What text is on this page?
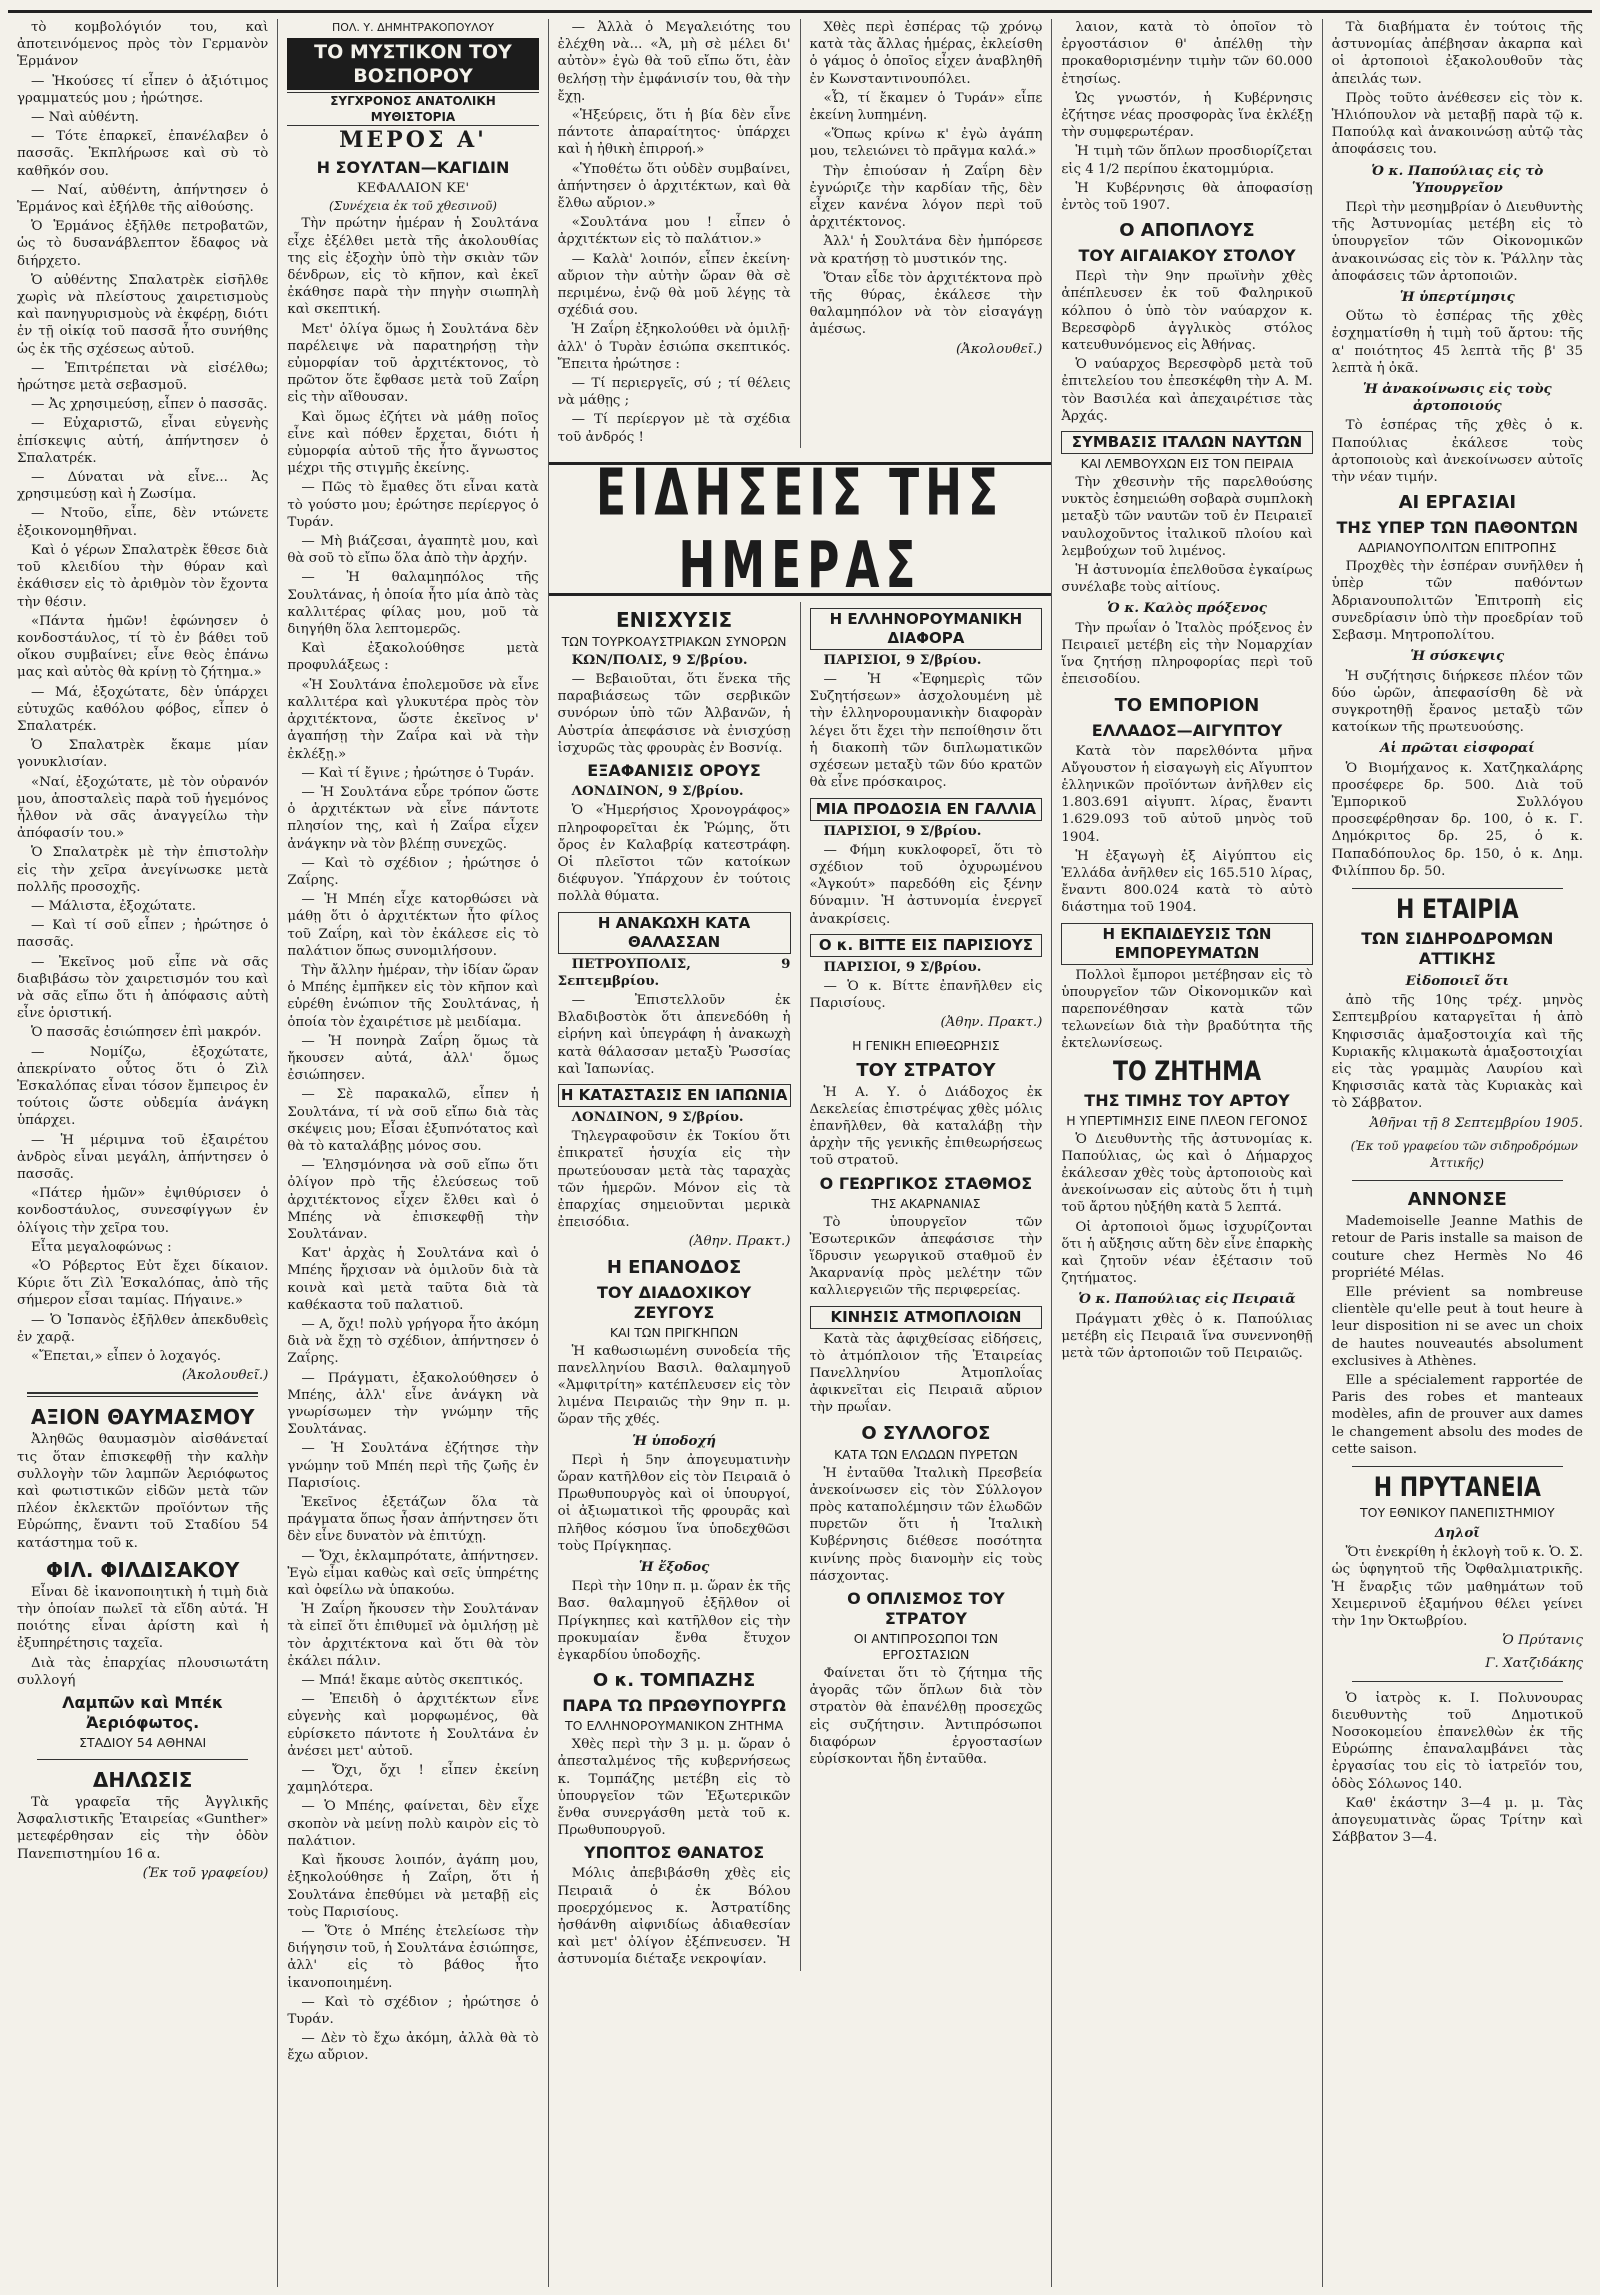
τὸ κομβολόγιόν του, καὶ ἀποτεινόμενος πρὸς τὸν Γερμανὸν Ἑρμάνον

— Ἠκούσες τί εἶπεν ὁ ἀξιότιμος γραμματεύς μου ; ἠρώτησε.

— Ναὶ αὐθέντη.

— Τότε ἐπαρκεῖ, ἐπανέλαβεν ὁ πασσᾶς. Ἐκπλήρωσε καὶ σὺ τὸ καθῆκόν σου.

— Ναί, αὐθέντη, ἀπήντησεν ὁ Ἑρμάνος καὶ ἐξήλθε τῆς αἰθούσης.

Ὁ Ἑρμάνος ἐξῆλθε πετροβατῶν, ὡς τὸ δυσανάβλεπτον ἔδαφος νὰ διήρχετο.

Ὁ αὐθέντης Σπαλατρὲκ εἰσῆλθε χωρὶς νὰ πλείστους χαιρετισμοὺς καὶ πανηγυρισμοὺς νὰ ἐκφέρῃ, διότι ἐν τῇ οἰκίᾳ τοῦ πασσᾶ ἦτο συνήθης ὡς ἐκ τῆς σχέσεως αὐτοῦ.

— Ἐπιτρέπεται νὰ εἰσέλθω; ἠρώτησε μετὰ σεβασμοῦ.

— Ἀς χρησιμεύσῃ, εἶπεν ὁ πασσᾶς.

— Εὐχαριστῶ, εἶναι εὐγενὴς ἐπίσκεψις αὐτή, ἀπήντησεν ὁ Σπαλατρέκ.

— Δύναται νὰ εἶνε... Ἀς χρησιμεύσῃ καὶ ἡ Ζωσίμα.

— Ντοῦο, εἶπε, δὲν ντώνετε ἐξοικονομηθῆναι.

Καὶ ὁ γέρων Σπαλατρὲκ ἔθεσε διὰ τοῦ κλειδίου τὴν θύραν καὶ ἐκάθισεν εἰς τὸ ἀριθμὸν τὸν ἔχοντα τὴν θέσιν.

«Πάντα ἡμῶν! ἐφώνησεν ὁ κονδοστάυλος, τί τὸ ἐν βάθει τοῦ οἴκου συμβαίνει; εἶνε θεὸς ἐπάνω μας καὶ αὐτὸς θὰ κρίνῃ τὸ ζήτημα.»

— Μά, ἐξοχώτατε, δὲν ὑπάρχει εὐτυχῶς καθόλου φόβος, εἶπεν ὁ Σπαλατρέκ.

Ὁ Σπαλατρὲκ ἔκαμε μίαν γονυκλισίαν.

«Ναί, ἐξοχώτατε, μὲ τὸν οὐρανόν μου, ἀποσταλεὶς παρὰ τοῦ ἡγεμόνος ἦλθον νὰ σᾶς ἀναγγείλω τὴν ἀπόφασίν του.»

Ὁ Σπαλατρὲκ μὲ τὴν ἐπιστολὴν εἰς τὴν χεῖρα ἀνεγίνωσκε μετὰ πολλῆς προσοχῆς.

— Μάλιστα, ἐξοχώτατε.

— Καὶ τί σοῦ εἶπεν ; ἠρώτησε ὁ πασσᾶς.

— Ἐκεῖνος μοῦ εἶπε νὰ σᾶς διαβιβάσω τὸν χαιρετισμόν του καὶ νὰ σᾶς εἴπω ὅτι ἡ ἀπόφασις αὐτὴ εἶνε ὁριστική.

Ὁ πασσᾶς ἐσιώπησεν ἐπὶ μακρόν.

— Νομίζω, ἐξοχώτατε, ἀπεκρίνατο οὗτος ὅτι ὁ Ζὶλ Ἐσκαλόπας εἶναι τόσον ἔμπειρος ἐν τούτοις ὥστε οὐδεμία ἀνάγκη ὑπάρχει.

— Ἡ μέριμνα τοῦ ἐξαιρέτου ἀνδρὸς εἶναι μεγάλη, ἀπήντησεν ὁ πασσᾶς.

«Πάτερ ἡμῶν» ἐψιθύρισεν ὁ κονδοστάυλος, συνεσφίγγων ἐν ὀλίγοις τὴν χεῖρα του.

Εἶτα μεγαλοφώνως :

«Ὁ Ρόβερτος Εὐτ ἔχει δίκαιον. Κύριε ὅτι Ζὶλ Ἐσκαλόπας, ἀπὸ τῆς σήμερον εἶσαι ταμίας. Πήγαινε.»

— Ὁ Ἰσπανὸς ἐξῆλθεν ἀπεκδυθεὶς ἐν χαρᾷ.

«Ἔπεται,» εἶπεν ὁ λοχαγός.

(Ἀκολουθεῖ.)

ΑΞΙΟΝ ΘΑΥΜΑΣΜΟΥ

Ἀληθῶς θαυμασμὸν αἰσθάνεταί τις ὅταν ἐπισκεφθῇ τὴν καλὴν συλλογὴν τῶν λαμπῶν Ἀεριόφωτος καὶ φωτιστικῶν εἰδῶν μετὰ τῶν πλέον ἐκλεκτῶν προϊόντων τῆς Εὐρώπης, ἔναντι τοῦ Σταδίου 54 κατάστημα τοῦ κ.

ΦΙΛ. ΦΙΛΔΙΣΑΚΟΥ

Εἶναι δὲ ἱκανοποιητικὴ ἡ τιμὴ διὰ τὴν ὁποίαν πωλεῖ τὰ εἴδη αὐτά. Ἡ ποιότης εἶναι ἀρίστη καὶ ἡ ἐξυπηρέτησις ταχεῖα.

Διὰ τὰς ἐπαρχίας πλουσιωτάτη συλλογή

Λαμπῶν καὶ Μπέκ Ἀεριόφωτος.
ΣΤΑΔΙΟΥ 54 ΑΘΗΝΑΙ
ΔΗΛΩΣΙΣ

Τὰ γραφεῖα τῆς Ἀγγλικῆς Ἀσφαλιστικῆς Ἑταιρείας «Gunther» μετεφέρθησαν εἰς τὴν ὁδὸν Πανεπιστημίου 16 α.

(Ἐκ τοῦ γραφείου)

ΠΟΛ. Υ. ΔΗΜΗΤΡΑΚΟΠΟΥΛΟΥ
ΤΟ ΜΥΣΤΙΚΟΝ ΤΟΥ ΒΟΣΠΟΡΟΥ
ΣΥΓΧΡΟΝΟΣ ΑΝΑΤΟΛΙΚΗ ΜΥΘΙΣΤΟΡΙΑ
ΜΕΡΟΣ Α'
Η ΣΟΥΛΤΑΝ—ΚΑΓΙΔΙΝ
ΚΕΦΑΛΑΙΟΝ ΚΕ'
(Συνέχεια ἐκ τοῦ χθεσινοῦ)

Τὴν πρώτην ἡμέραν ἡ Σουλτάνα εἶχε ἐξέλθει μετὰ τῆς ἀκολουθίας της εἰς ἐξοχὴν ὑπὸ τὴν σκιὰν τῶν δένδρων, εἰς τὸ κῆπον, καὶ ἐκεῖ ἐκάθησε παρὰ τὴν πηγὴν σιωπηλὴ καὶ σκεπτική.

Μετ' ὀλίγα ὅμως ἡ Σουλτάνα δὲν παρέλειψε νὰ παρατηρήσῃ τὴν εὐμορφίαν τοῦ ἀρχιτέκτονος, τὸ πρῶτον ὅτε ἔφθασε μετὰ τοῦ Ζαΐρη εἰς τὴν αἴθουσαν.

Καὶ ὅμως ἐζήτει νὰ μάθῃ ποῖος εἶνε καὶ πόθεν ἔρχεται, διότι ἡ εὐμορφία αὐτοῦ τῆς ἦτο ἄγνωστος μέχρι τῆς στιγμῆς ἐκείνης.

— Πῶς τὸ ἔμαθες ὅτι εἶναι κατὰ τὸ γούστο μου; ἐρώτησε περίεργος ὁ Τυράν.

— Μὴ βιάζεσαι, ἀγαπητὲ μου, καὶ θὰ σοῦ τὸ εἴπω ὅλα ἀπὸ τὴν ἀρχήν.

— Ἡ θαλαμηπόλος τῆς Σουλτάνας, ἡ ὁποία ἦτο μία ἀπὸ τὰς καλλιτέρας φίλας μου, μοῦ τὰ διηγήθη ὅλα λεπτομερῶς.

Καὶ ἐξακολούθησε μετὰ προφυλάξεως :

«Ἡ Σουλτάνα ἐπολεμοῦσε νὰ εἶνε καλλιτέρα καὶ γλυκυτέρα πρὸς τὸν ἀρχιτέκτονα, ὥστε ἐκεῖνος ν' ἀγαπήσῃ τὴν Ζαΐρα καὶ νὰ τὴν ἐκλέξῃ.»

— Καὶ τί ἔγινε ; ἠρώτησε ὁ Τυράν.

— Ἡ Σουλτάνα εὗρε τρόπον ὥστε ὁ ἀρχιτέκτων νὰ εἶνε πάντοτε πλησίον της, καὶ ἡ Ζαΐρα εἶχεν ἀνάγκην νὰ τὸν βλέπῃ συνεχῶς.

— Καὶ τὸ σχέδιον ; ἠρώτησε ὁ Ζαΐρης.

— Ἡ Μπέη εἶχε κατορθώσει νὰ μάθῃ ὅτι ὁ ἀρχιτέκτων ἦτο φίλος τοῦ Ζαΐρη, καὶ τὸν ἐκάλεσε εἰς τὸ παλάτιον ὅπως συνομιλήσουν.

Τὴν ἄλλην ἡμέραν, τὴν ἰδίαν ὥραν ὁ Μπέης ἐμπῆκεν εἰς τὸν κῆπον καὶ εὑρέθη ἐνώπιον τῆς Σουλτάνας, ἡ ὁποία τὸν ἐχαιρέτισε μὲ μειδίαμα.

— Ἡ πονηρὰ Ζαΐρη ὅμως τὰ ἤκουσεν αὐτά, ἀλλ' ὅμως ἐσιώπησεν.

— Σὲ παρακαλῶ, εἶπεν ἡ Σουλτάνα, τί νὰ σοῦ εἴπω διὰ τὰς σκέψεις μου; Εἶσαι ἐξυπνότατος καὶ θὰ τὸ καταλάβῃς μόνος σου.

— Ἐλησμόνησα νὰ σοῦ εἴπω ὅτι ὀλίγον πρὸ τῆς ἐλεύσεως τοῦ ἀρχιτέκτονος εἶχεν ἔλθει καὶ ὁ Μπέης νὰ ἐπισκεφθῇ τὴν Σουλτάναν.

Κατ' ἀρχὰς ἡ Σουλτάνα καὶ ὁ Μπέης ἤρχισαν νὰ ὁμιλοῦν διὰ τὰ κοινὰ καὶ μετὰ ταῦτα διὰ τὰ καθέκαστα τοῦ παλατιοῦ.

— Α, ὄχι! πολὺ γρήγορα ἦτο ἀκόμη διὰ νὰ ἔχῃ τὸ σχέδιον, ἀπήντησεν ὁ Ζαΐρης.

— Πράγματι, ἐξακολούθησεν ὁ Μπέης, ἀλλ' εἶνε ἀνάγκη νὰ γνωρίσωμεν τὴν γνώμην τῆς Σουλτάνας.

— Ἡ Σουλτάνα ἐζήτησε τὴν γνώμην τοῦ Μπέη περὶ τῆς ζωῆς ἐν Παρισίοις.

Ἐκεῖνος ἐξετάζων ὅλα τὰ πράγματα ὅπως ἦσαν ἀπήντησεν ὅτι δὲν εἶνε δυνατὸν νὰ ἐπιτύχῃ.

— Ὄχι, ἐκλαμπρότατε, ἀπήντησεν. Ἐγὼ εἶμαι καθὼς καὶ σεῖς ὑπηρέτης καὶ ὀφείλω νὰ ὑπακούω.

Ἡ Ζαΐρη ἤκουσεν τὴν Σουλτάναν τὰ εἰπεῖ ὅτι ἐπιθυμεῖ νὰ ὁμιλήσῃ μὲ τὸν ἀρχιτέκτονα καὶ ὅτι θὰ τὸν ἐκάλει πάλιν.

— Μπά! ἔκαμε αὐτὸς σκεπτικός.

— Ἐπειδὴ ὁ ἀρχιτέκτων εἶνε εὐγενὴς καὶ μορφωμένος, θὰ εὑρίσκετο πάντοτε ἡ Σουλτάνα ἐν ἀνέσει μετ' αὐτοῦ.

— Ὄχι, ὄχι ! εἶπεν ἐκείνη χαμηλότερα.

— Ὁ Μπέης, φαίνεται, δὲν εἶχε σκοπὸν νὰ μείνῃ πολὺ καιρὸν εἰς τὸ παλάτιον.

Καὶ ἤκουσε λοιπόν, ἀγάπη μου, ἐξηκολούθησε ἡ Ζαΐρη, ὅτι ἡ Σουλτάνα ἐπεθύμει νὰ μεταβῇ εἰς τοὺς Παρισίους.

— Ὅτε ὁ Μπέης ἐτελείωσε τὴν διήγησιν τοῦ, ἡ Σουλτάνα ἐσιώπησε, ἀλλ' εἰς τὸ βάθος ἦτο ἱκανοποιημένη.

— Καὶ τὸ σχέδιον ; ἠρώτησε ὁ Τυράν.

— Δὲν τὸ ἔχω ἀκόμη, ἀλλὰ θὰ τὸ ἔχω αὔριον.

— Ἀλλὰ ὁ Μεγαλειότης του ἐλέχθη νὰ... «Ἀ, μὴ σὲ μέλει δι' αὐτὸν» ἐγὼ θὰ τοῦ εἴπω ὅτι, ἐὰν θελήσῃ τὴν ἐμφάνισίν του, θὰ τὴν ἔχῃ.

«Ἡξεύρεις, ὅτι ἡ βία δὲν εἶνε πάντοτε ἀπαραίτητος· ὑπάρχει καὶ ἡ ἠθικὴ ἐπιρροή.»

«Ὑποθέτω ὅτι οὐδὲν συμβαίνει, ἀπήντησεν ὁ ἀρχιτέκτων, καὶ θὰ ἔλθω αὔριον.»

«Σουλτάνα μου ! εἶπεν ὁ ἀρχιτέκτων εἰς τὸ παλάτιον.»

— Καλὰ' λοιπόν, εἶπεν ἐκείνη· αὔριον τὴν αὐτὴν ὥραν θὰ σὲ περιμένω, ἐνῷ θὰ μοῦ λέγῃς τὰ σχέδιά σου.

Ἡ Ζαΐρη ἐξηκολούθει νὰ ὁμιλῇ· ἀλλ' ὁ Τυρὰν ἐσιώπα σκεπτικός. Ἔπειτα ἠρώτησε :

— Τί περιεργεῖς, σύ ; τί θέλεις νὰ μάθῃς ;

— Τί περίεργον μὲ τὰ σχέδια τοῦ ἀνδρός !

Χθὲς περὶ ἐσπέρας τῷ χρόνῳ κατὰ τὰς ἄλλας ἡμέρας, ἐκλείσθη ὁ γάμος ὁ ὁποῖος εἶχεν ἀναβληθῆ ἐν Κωνσταντινουπόλει.

«Ὦ, τί ἔκαμεν ὁ Τυράν» εἶπε ἐκείνη λυπημένη.

«Ὅπως κρίνω κ' ἐγὼ ἀγάπη μου, τελειώνει τὸ πρᾶγμα καλά.»

Τὴν ἐπιούσαν ἡ Ζαΐρη δὲν ἐγνώριζε τὴν καρδίαν τῆς, δὲν εἶχεν κανένα λόγον περὶ τοῦ ἀρχιτέκτονος.

Ἀλλ' ἡ Σουλτάνα δὲν ἠμπόρεσε νὰ κρατήσῃ τὸ μυστικόν της.

Ὅταν εἶδε τὸν ἀρχιτέκτονα πρὸ τῆς θύρας, ἐκάλεσε τὴν θαλαμηπόλον νὰ τὸν εἰσαγάγῃ ἀμέσως.

(Ἀκολουθεῖ.)

ΕΙΔΗΣΕΙΣ ΤΗΣ ΗΜΕΡΑΣ
ΕΝΙΣΧΥΣΙΣ
ΤΩΝ ΤΟΥΡΚΟΑΥΣΤΡΙΑΚΩΝ ΣΥΝΟΡΩΝ

ΚΩΝ/ΠΟΛΙΣ, 9 Σ/βρίου.

— Βεβαιοῦται, ὅτι ἕνεκα τῆς παραβιάσεως τῶν σερβικῶν συνόρων ὑπὸ τῶν Ἀλβανῶν, ἡ Αὐστρία ἀπεφάσισε νὰ ἐνισχύσῃ ἰσχυρῶς τὰς φρουρὰς ἐν Βοσνίᾳ.

ΕΞΑΦΑΝΙΣΙΣ ΟΡΟΥΣ

ΛΟΝΔΙΝΟΝ, 9 Σ/βρίου.

Ὁ «Ἡμερήσιος Χρονογράφος» πληροφορεῖται ἐκ Ῥώμης, ὅτι ὄρος ἐν Καλαβρίᾳ κατεστράφη. Οἱ πλεῖστοι τῶν κατοίκων διέφυγον. Ὑπάρχουν ἐν τούτοις πολλὰ θύματα.

Η ΑΝΑΚΩΧΗ ΚΑΤΑ ΘΑΛΑΣΣΑΝ

ΠΕΤΡΟΥΠΟΛΙΣ, 9 Σεπτεμβρίου.

— Ἐπιστελλοῦν ἐκ Βλαδιβοστὸκ ὅτι ἀπενεδόθη ἡ εἰρήνη καὶ ὑπεγράφη ἡ ἀνακωχὴ κατὰ θάλασσαν μεταξὺ Ῥωσσίας καὶ Ἰαπωνίας.

Η ΚΑΤΑΣΤΑΣΙΣ ΕΝ ΙΑΠΩΝΙΑ

ΛΟΝΔΙΝΟΝ, 9 Σ/βρίου.

Τηλεγραφοῦσιν ἐκ Τοκίου ὅτι ἐπικρατεῖ ἡσυχία εἰς τὴν πρωτεύουσαν μετὰ τὰς ταραχὰς τῶν ἡμερῶν. Μόνον εἰς τὰ ἐπαρχίας σημειοῦνται μερικὰ ἐπεισόδια.

(Ἀθην. Πρακτ.)

Η ΕΠΑΝΟΔΟΣ
ΤΟΥ ΔΙΑΔΟΧΙΚΟΥ ΖΕΥΓΟΥΣ
ΚΑΙ ΤΩΝ ΠΡΙΓΚΗΠΩΝ

Ἡ καθωσιωμένη συνοδεία τῆς πανελληνίου Βασιλ. θαλαμηγοῦ «Ἀμφιτρίτη» κατέπλευσεν εἰς τὸν λιμένα Πειραιῶς τὴν 9ην π. μ. ὥραν τῆς χθές.

Ἡ ὑποδοχή

Περὶ ἡ 5ην ἀπογευματινὴν ὥραν κατῆλθον εἰς τὸν Πειραιᾶ ὁ Πρωθυπουργὸς καὶ οἱ ὑπουργοί, οἱ ἀξιωματικοὶ τῆς φρουρᾶς καὶ πλῆθος κόσμου ἵνα ὑποδεχθῶσι τοὺς Πρίγκηπας.

Ἡ ἔξοδος

Περὶ τὴν 10ην π. μ. ὥραν ἐκ τῆς Βασ. θαλαμηγοῦ ἐξῆλθον οἱ Πρίγκηπες καὶ κατῆλθον εἰς τὴν προκυμαίαν ἔνθα ἔτυχον ἐγκαρδίου ὑποδοχῆς.

Ο κ. ΤΟΜΠΑΖΗΣ
ΠΑΡΑ ΤΩ ΠΡΩΘΥΠΟΥΡΓΩ
ΤΟ ΕΛΛΗΝΟΡΟΥΜΑΝΙΚΟΝ ΖΗΤΗΜΑ

Χθὲς περὶ τὴν 3 μ. μ. ὥραν ὁ ἀπεσταλμένος τῆς κυβερνήσεως κ. Τομπάζης μετέβη εἰς τὸ ὑπουργεῖον τῶν Ἐξωτερικῶν ἔνθα συνεργάσθη μετὰ τοῦ κ. Πρωθυπουργοῦ.

ΥΠΟΠΤΟΣ ΘΑΝΑΤΟΣ

Μόλις ἀπεβιβάσθη χθὲς εἰς Πειραιᾶ ὁ ἐκ Βόλου προερχόμενος κ. Ἀστρατίδης ἠσθάνθη αἰφνιδίως ἀδιαθεσίαν καὶ μετ' ὀλίγον ἐξέπνευσεν. Ἡ ἀστυνομία διέταξε νεκροψίαν.

Η ΕΛΛΗΝΟΡΟΥΜΑΝΙΚΗ ΔΙΑΦΟΡΑ

ΠΑΡΙΣΙΟΙ, 9 Σ/βρίου.

— Ἡ «Ἐφημερὶς τῶν Συζητήσεων» ἀσχολουμένη μὲ τὴν ἑλληνορουμανικὴν διαφορὰν λέγει ὅτι ἔχει τὴν πεποίθησιν ὅτι ἡ διακοπὴ τῶν διπλωματικῶν σχέσεων μεταξὺ τῶν δύο κρατῶν θὰ εἶνε πρόσκαιρος.

ΜΙΑ ΠΡΟΔΟΣΙΑ ΕΝ ΓΑΛΛΙΑ

ΠΑΡΙΣΙΟΙ, 9 Σ/βρίου.

— Φήμη κυκλοφορεῖ, ὅτι τὸ σχέδιον τοῦ ὀχυρωμένου «Ἀγκούτ» παρεδόθη εἰς ξένην δύναμιν. Ἡ ἀστυνομία ἐνεργεῖ ἀνακρίσεις.

Ο κ. ΒΙΤΤΕ ΕΙΣ ΠΑΡΙΣΙΟΥΣ

ΠΑΡΙΣΙΟΙ, 9 Σ/βρίου.

— Ὁ κ. Βίττε ἐπανῆλθεν εἰς Παρισίους.

(Ἀθην. Πρακτ.)

Η ΓΕΝΙΚΗ ΕΠΙΘΕΩΡΗΣΙΣ
ΤΟΥ ΣΤΡΑΤΟΥ

Ἡ Α. Υ. ὁ Διάδοχος ἐκ Δεκελείας ἐπιστρέψας χθὲς μόλις ἐπανῆλθεν, θὰ καταλάβῃ τὴν ἀρχὴν τῆς γενικῆς ἐπιθεωρήσεως τοῦ στρατοῦ.

Ο ΓΕΩΡΓΙΚΟΣ ΣΤΑΘΜΟΣ
ΤΗΣ ΑΚΑΡΝΑΝΙΑΣ

Τὸ ὑπουργεῖον τῶν Ἐσωτερικῶν ἀπεφάσισε τὴν ἵδρυσιν γεωργικοῦ σταθμοῦ ἐν Ἀκαρνανίᾳ πρὸς μελέτην τῶν καλλιεργειῶν τῆς περιφερείας.

ΚΙΝΗΣΙΣ ΑΤΜΟΠΛΟΙΩΝ

Κατὰ τὰς ἀφιχθείσας εἰδήσεις, τὸ ἀτμόπλοιον τῆς Ἐταιρείας Πανελληνίου Ἀτμοπλοΐας ἀφικνεῖται εἰς Πειραιᾶ αὔριον τὴν πρωΐαν.

Ο ΣΥΛΛΟΓΟΣ
ΚΑΤΑ ΤΩΝ ΕΛΩΔΩΝ ΠΥΡΕΤΩΝ

Ἡ ἐνταῦθα Ἰταλικὴ Πρεσβεία ἀνεκοίνωσεν εἰς τὸν Σύλλογον πρὸς καταπολέμησιν τῶν ἑλωδῶν πυρετῶν ὅτι ἡ Ἰταλικὴ Κυβέρνησις διέθεσε ποσότητα κινίνης πρὸς διανομὴν εἰς τοὺς πάσχοντας.

Ο ΟΠΛΙΣΜΟΣ ΤΟΥ ΣΤΡΑΤΟΥ
ΟΙ ΑΝΤΙΠΡΟΣΩΠΟΙ ΤΩΝ ΕΡΓΟΣΤΑΣΙΩΝ

Φαίνεται ὅτι τὸ ζήτημα τῆς ἀγορᾶς τῶν ὅπλων διὰ τὸν στρατὸν θὰ ἐπανέλθῃ προσεχῶς εἰς συζήτησιν. Ἀντιπρόσωποι διαφόρων ἐργοστασίων εὑρίσκονται ἤδη ἐνταῦθα.

λαιον, κατὰ τὸ ὁποῖον τὸ ἐργοστάσιον θ' ἀπέλθῃ τὴν προκαθορισμένην τιμὴν τῶν 60.000 ἐτησίως.

Ὡς γνωστόν, ἡ Κυβέρνησις ἐζήτησε νέας προσφορὰς ἵνα ἐκλέξῃ τὴν συμφερωτέραν.

Ἡ τιμὴ τῶν ὅπλων προσδιορίζεται εἰς 4 1/2 περίπου ἑκατομμύρια.

Ἡ Κυβέρνησις θὰ ἀποφασίσῃ ἐντὸς τοῦ 1907.

Ο ΑΠΟΠΛΟΥΣ
ΤΟΥ ΑΙΓΑΙΑΚΟΥ ΣΤΟΛΟΥ

Περὶ τὴν 9ην πρωϊνὴν χθὲς ἀπέπλευσεν ἐκ τοῦ Φαληρικοῦ κόλπου ὁ ὑπὸ τὸν ναύαρχον κ. Βερεσφὸρδ ἀγγλικὸς στόλος κατευθυνόμενος εἰς Ἀθήνας.

Ὁ ναύαρχος Βερεσφὸρδ μετὰ τοῦ ἐπιτελείου του ἐπεσκέφθη τὴν Α. Μ. τὸν Βασιλέα καὶ ἀπεχαιρέτισε τὰς Ἀρχάς.

ΣΥΜΒΑΣΙΣ ΙΤΑΛΩΝ ΝΑΥΤΩΝ
ΚΑΙ ΛΕΜΒΟΥΧΩΝ ΕΙΣ ΤΟΝ ΠΕΙΡΑΙΑ

Τὴν χθεσινὴν τῆς παρελθούσης νυκτὸς ἐσημειώθη σοβαρὰ συμπλοκὴ μεταξὺ τῶν ναυτῶν τοῦ ἐν Πειραιεῖ ναυλοχοῦντος ἰταλικοῦ πλοίου καὶ λεμβούχων τοῦ λιμένος.

Ἡ ἀστυνομία ἐπελθοῦσα ἐγκαίρως συνέλαβε τοὺς αἰτίους.

Ὁ κ. Καλὸς πρόξενος

Τὴν πρωΐαν ὁ Ἰταλὸς πρόξενος ἐν Πειραιεῖ μετέβη εἰς τὴν Νομαρχίαν ἵνα ζητήσῃ πληροφορίας περὶ τοῦ ἐπεισοδίου.

ΤΟ ΕΜΠΟΡΙΟΝ
ΕΛΛΑΔΟΣ—ΑΙΓΥΠΤΟΥ

Κατὰ τὸν παρελθόντα μῆνα Αὔγουστον ἡ εἰσαγωγὴ εἰς Αἴγυπτον ἑλληνικῶν προϊόντων ἀνῆλθεν εἰς 1.803.691 αἰγυπτ. λίρας, ἔναντι 1.629.093 τοῦ αὐτοῦ μηνὸς τοῦ 1904.

Ἡ ἐξαγωγὴ ἐξ Αἰγύπτου εἰς Ἑλλάδα ἀνῆλθεν εἰς 165.510 λίρας, ἔναντι 800.024 κατὰ τὸ αὐτὸ διάστημα τοῦ 1904.

Η ΕΚΠΑΙΔΕΥΣΙΣ ΤΩΝ ΕΜΠΟΡΕΥΜΑΤΩΝ

Πολλοὶ ἔμποροι μετέβησαν εἰς τὸ ὑπουργεῖον τῶν Οἰκονομικῶν καὶ παρεπονέθησαν κατὰ τῶν τελωνείων διὰ τὴν βραδύτητα τῆς ἐκτελωνίσεως.

ΤΟ ΖΗΤΗΜΑ
ΤΗΣ ΤΙΜΗΣ ΤΟΥ ΑΡΤΟΥ
Η ΥΠΕΡΤΙΜΗΣΙΣ ΕΙΝΕ ΠΛΕΟΝ ΓΕΓΟΝΟΣ

Ὁ Διευθυντὴς τῆς ἀστυνομίας κ. Παπούλιας, ὡς καὶ ὁ Δήμαρχος ἐκάλεσαν χθὲς τοὺς ἀρτοποιοὺς καὶ ἀνεκοίνωσαν εἰς αὐτοὺς ὅτι ἡ τιμὴ τοῦ ἄρτου ηὐξήθη κατὰ 5 λεπτά.

Οἱ ἀρτοποιοὶ ὅμως ἰσχυρίζονται ὅτι ἡ αὔξησις αὕτη δὲν εἶνε ἐπαρκὴς καὶ ζητοῦν νέαν ἐξέτασιν τοῦ ζητήματος.

Ὁ κ. Παπούλιας εἰς Πειραιᾶ

Πράγματι χθὲς ὁ κ. Παπούλιας μετέβη εἰς Πειραιᾶ ἵνα συνεννοηθῇ μετὰ τῶν ἀρτοποιῶν τοῦ Πειραιῶς.

Τὰ διαβήματα ἐν τούτοις τῆς ἀστυνομίας ἀπέβησαν ἀκαρπα καὶ οἱ ἀρτοποιοὶ ἐξακολουθοῦν τὰς ἀπειλάς των.

Πρὸς τοῦτο ἀνέθεσεν εἰς τὸν κ. Ἠλιόπουλον νὰ μεταβῇ παρὰ τῷ κ. Παπούλᾳ καὶ ἀνακοινώσῃ αὐτῷ τὰς ἀποφάσεις του.

Ὁ κ. Παπούλιας εἰς τὸ Ὑπουργεῖον

Περὶ τὴν μεσημβρίαν ὁ Διευθυντὴς τῆς Ἀστυνομίας μετέβη εἰς τὸ ὑπουργεῖον τῶν Οἰκονομικῶν ἀνακοινώσας εἰς τὸν κ. Ῥάλλην τὰς ἀποφάσεις τῶν ἀρτοποιῶν.

Ἡ ὑπερτίμησις

Οὕτω τὸ ἑσπέρας τῆς χθὲς ἐσχηματίσθη ἡ τιμὴ τοῦ ἄρτου: τῆς α' ποιότητος 45 λεπτὰ τῆς β' 35 λεπτὰ ἡ ὀκᾶ.

Ἡ ἀνακοίνωσις εἰς τοὺς ἀρτοποιούς

Τὸ ἑσπέρας τῆς χθὲς ὁ κ. Παπούλιας ἐκάλεσε τοὺς ἀρτοποιοὺς καὶ ἀνεκοίνωσεν αὐτοῖς τὴν νέαν τιμήν.

ΑΙ ΕΡΓΑΣΙΑΙ
ΤΗΣ ΥΠΕΡ ΤΩΝ ΠΑΘΟΝΤΩΝ
ΑΔΡΙΑΝΟΥΠΟΛΙΤΩΝ ΕΠΙΤΡΟΠΗΣ

Προχθὲς τὴν ἑσπέραν συνῆλθεν ἡ ὑπὲρ τῶν παθόντων Ἀδριανουπολιτῶν Ἐπιτροπὴ εἰς συνεδρίασιν ὑπὸ τὴν προεδρίαν τοῦ Σεβασμ. Μητροπολίτου.

Ἡ σύσκεψις

Ἡ συζήτησις διήρκεσε πλέον τῶν δύο ὡρῶν, ἀπεφασίσθη δὲ νὰ συγκροτηθῇ ἔρανος μεταξὺ τῶν κατοίκων τῆς πρωτευούσης.

Αἱ πρῶται εἰσφοραί

Ὁ Βιομήχανος κ. Χατζηκαλάρης προσέφερε δρ. 500. Διὰ τοῦ Ἐμπορικοῦ Συλλόγου προσεφέρθησαν δρ. 100, ὁ κ. Γ. Δημόκριτος δρ. 25, ὁ κ. Παπαδόπουλος δρ. 150, ὁ κ. Δημ. Φιλίππου δρ. 50.

Η ΕΤΑΙΡΙΑ
ΤΩΝ ΣΙΔΗΡΟΔΡΟΜΩΝ ΑΤΤΙΚΗΣ
Εἰδοποιεῖ ὅτι

ἀπὸ τῆς 10ης τρέχ. μηνὸς Σεπτεμβρίου καταργεῖται ἡ ἀπὸ Κηφισσιᾶς ἀμαξοστοιχία καὶ τῆς Κυριακῆς κλιμακωτὰ ἁμαξοστοιχίαι εἰς τὰς γραμμὰς Λαυρίου καὶ Κηφισσιᾶς κατὰ τὰς Κυριακὰς καὶ τὸ Σάββατον.

Ἀθῆναι τῇ 8 Σεπτεμβρίου 1905.

(Ἐκ τοῦ γραφείου τῶν σιδηροδρόμων Ἀττικῆς)

ΑΝΝΟΝΣΕ

Mademoiselle Jeanne Mathis de retour de Paris installe sa maison de couture chez Hermès No 46 propriété Mélas.

Elle prévient sa nombreuse clientèle qu'elle peut à tout heure à leur disposition ni se avec un choix de hautes nouveautés absolument exclusives à Athènes.

Elle a spécialement rapportée de Paris des robes et manteaux modèles, afin de prouver aux dames le changement absolu des modes de cette saison.

Η ΠΡΥΤΑΝΕΙΑ
ΤΟΥ ΕΘΝΙΚΟΥ ΠΑΝΕΠΙΣΤΗΜΙΟΥ
Δηλοῖ

Ὅτι ἐνεκρίθη ἡ ἐκλογὴ τοῦ κ. Ὁ. Σ. ὡς ὑφηγητοῦ τῆς Ὀφθαλμιατρικῆς. Ἡ ἔναρξις τῶν μαθημάτων τοῦ Χειμερινοῦ ἑξαμήνου θέλει γείνει τὴν 1ην Ὀκτωβρίου.

Ὁ Πρύτανις

Γ. Χατζιδάκης

Ὁ ἰατρὸς κ. Ι. Πολυνουρας διευθυντὴς τοῦ Δημοτικοῦ Νοσοκομείου ἐπανελθὼν ἐκ τῆς Εὐρώπης ἐπαναλαμβάνει τὰς ἐργασίας του εἰς τὸ ἰατρεῖόν του, ὁδὸς Σόλωνος 140.

Καθ' ἑκάστην 3—4 μ. μ. Τὰς ἀπογευματινὰς ὥρας Τρίτην καὶ Σάββατον 3—4.
